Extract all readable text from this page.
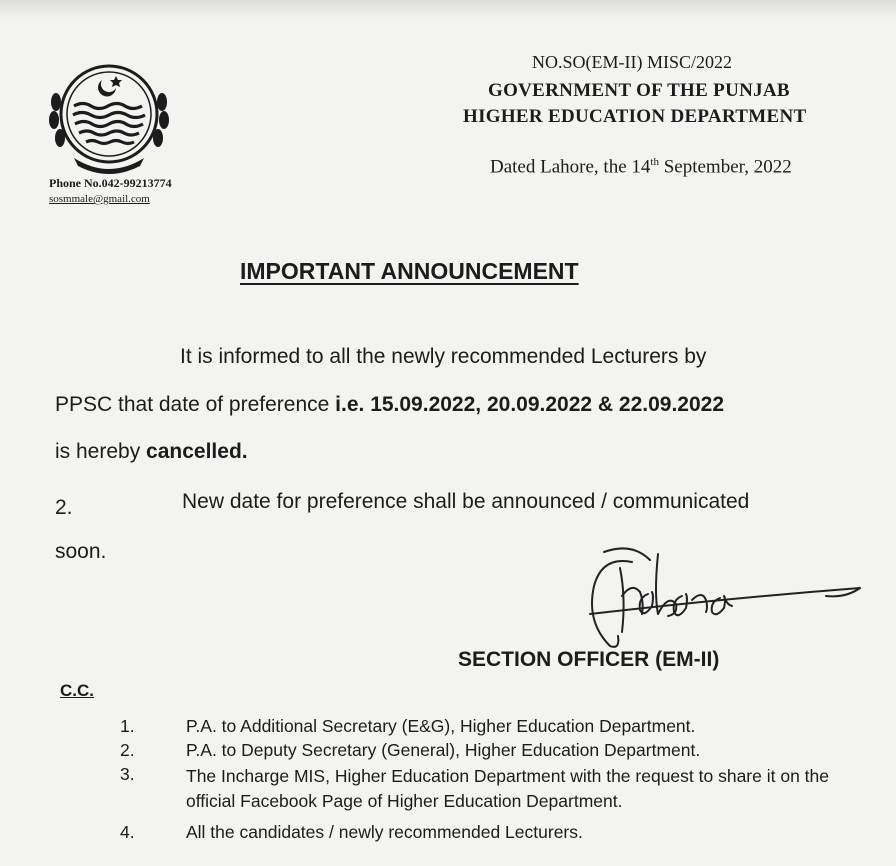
Phone No.042-99213774
sosmmale@gmail.com
NO.SO(EM-II) MISC/2022
GOVERNMENT OF THE PUNJAB
HIGHER EDUCATION DEPARTMENT
Dated Lahore, the 14th September, 2022
IMPORTANT ANNOUNCEMENT
It is informed to all the newly recommended Lecturers by
PPSC that date of preference i.e. 15.09.2022, 20.09.2022 & 22.09.2022
is hereby cancelled.
2.	New date for preference shall be announced / communicated
soon.
SECTION OFFICER (EM-II)
C.C.
1.	P.A. to Additional Secretary (E&G), Higher Education Department.
2.	P.A. to Deputy Secretary (General), Higher Education Department.
3.	The Incharge MIS, Higher Education Department with the request to share it on the official Facebook Page of Higher Education Department.
4.	All the candidates / newly recommended Lecturers.
